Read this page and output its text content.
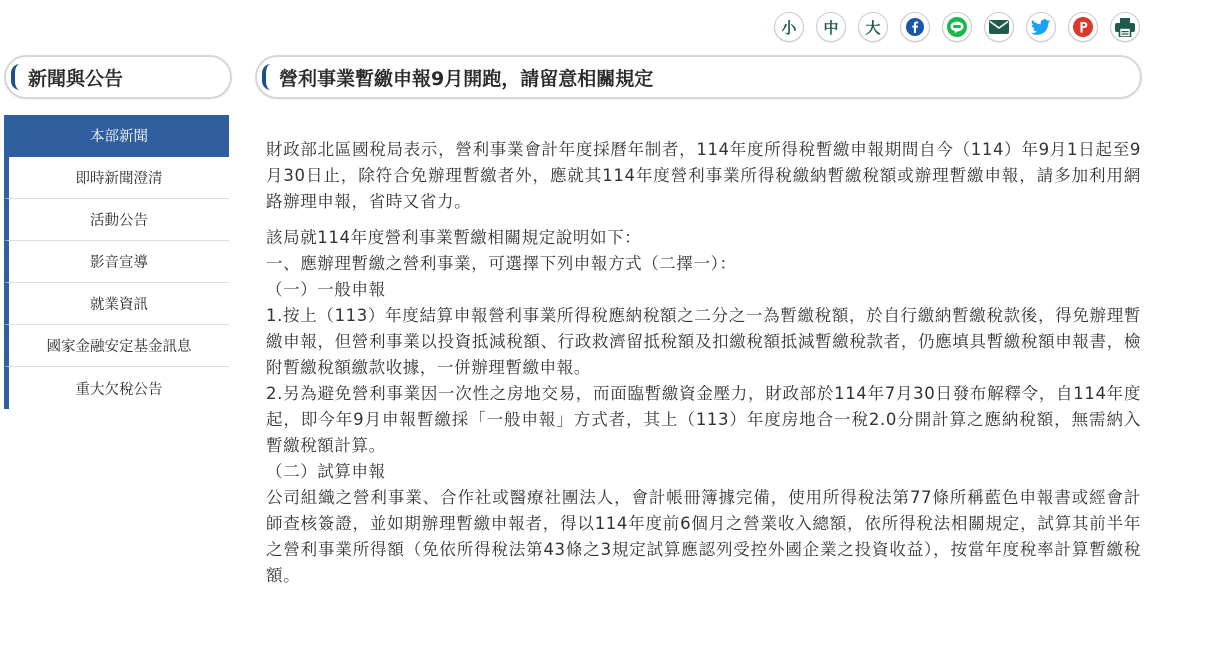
小	中	大
新聞與公告	營利事業暫繳申報9月開跑，請留意相關規定
本部新聞
即時新聞澄清
活動公告
影音宣導
就業資訊
國家金融安定基金訊息
重大欠稅公告

財政部北區國稅局表示，營利事業會計年度採曆年制者，114年度所得稅暫繳申報期間自今（114）年9月1日起至9月30日止，除符合免辦理暫繳者外，應就其114年度營利事業所得稅繳納暫繳稅額或辦理暫繳申報，請多加利用網路辦理申報，省時又省力。

該局就114年度營利事業暫繳相關規定說明如下：

一、應辦理暫繳之營利事業，可選擇下列申報方式（二擇一）：

（一）一般申報

1.按上（113）年度結算申報營利事業所得稅應納稅額之二分之一為暫繳稅額，於自行繳納暫繳稅款後，得免辦理暫繳申報，但營利事業以投資抵減稅額、行政救濟留抵稅額及扣繳稅額抵減暫繳稅款者，仍應填具暫繳稅額申報書，檢附暫繳稅額繳款收據，一併辦理暫繳申報。

2.另為避免營利事業因一次性之房地交易，而面臨暫繳資金壓力，財政部於114年7月30日發布解釋令，自114年度起，即今年9月申報暫繳採「一般申報」方式者，其上（113）年度房地合一稅2.0分開計算之應納稅額，無需納入暫繳稅額計算。

（二）試算申報

公司組織之營利事業、合作社或醫療社團法人，會計帳冊簿據完備，使用所得稅法第77條所稱藍色申報書或經會計師查核簽證，並如期辦理暫繳申報者，得以114年度前6個月之營業收入總額，依所得稅法相關規定，試算其前半年之營利事業所得額（免依所得稅法第43條之3規定試算應認列受控外國企業之投資收益），按當年度稅率計算暫繳稅額。
